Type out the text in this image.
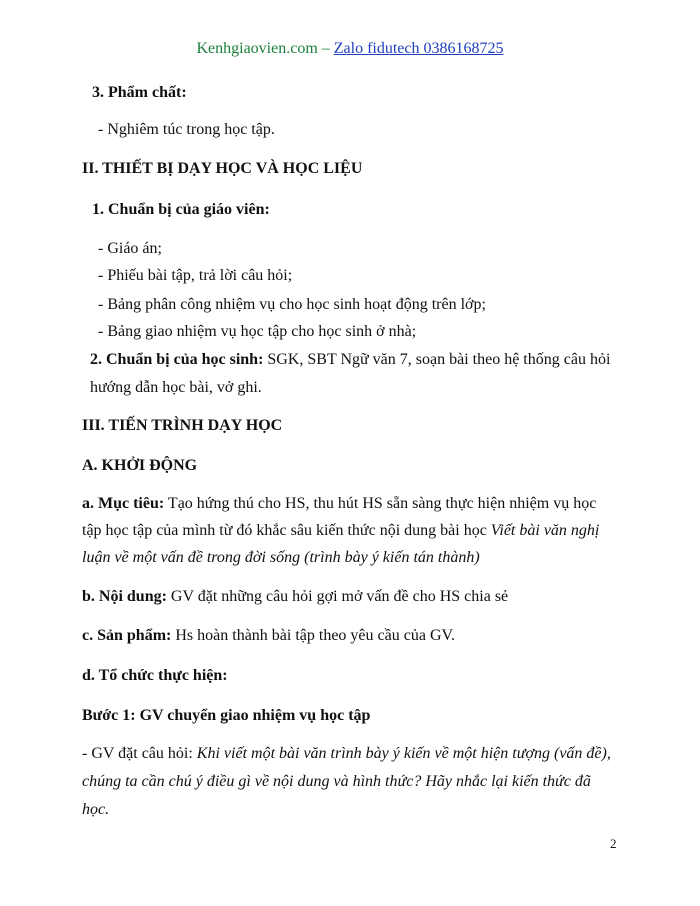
Kenhgiaovien.com – Zalo fidutech 0386168725
3. Phẩm chất:
- Nghiêm túc trong học tập.
II. THIẾT BỊ DẠY HỌC VÀ HỌC LIỆU
1. Chuẩn bị của giáo viên:
- Giáo án;
- Phiếu bài tập, trả lời câu hỏi;
- Bảng phân công nhiệm vụ cho học sinh hoạt động trên lớp;
- Bảng giao nhiệm vụ học tập cho học sinh ở nhà;
2. Chuẩn bị của học sinh: SGK, SBT Ngữ văn 7, soạn bài theo hệ thống câu hỏi
hướng dẫn học bài, vở ghi.
III. TIẾN TRÌNH DẠY HỌC
A. KHỞI ĐỘNG
a. Mục tiêu: Tạo hứng thú cho HS, thu hút HS sẵn sàng thực hiện nhiệm vụ học
tập học tập của mình từ đó khắc sâu kiến thức nội dung bài học Viết bài văn nghị
luận về một vấn đề trong đời sống (trình bày ý kiến tán thành)
b. Nội dung: GV đặt những câu hỏi gợi mở vấn đề cho HS chia sẻ
c. Sản phẩm: Hs hoàn thành bài tập theo yêu cầu của GV.
d. Tổ chức thực hiện:
Bước 1: GV chuyển giao nhiệm vụ học tập
- GV đặt câu hỏi: Khi viết một bài văn trình bày ý kiến về một hiện tượng (vấn đề),
chúng ta cần chú ý điều gì về nội dung và hình thức? Hãy nhắc lại kiến thức đã
học.
2
